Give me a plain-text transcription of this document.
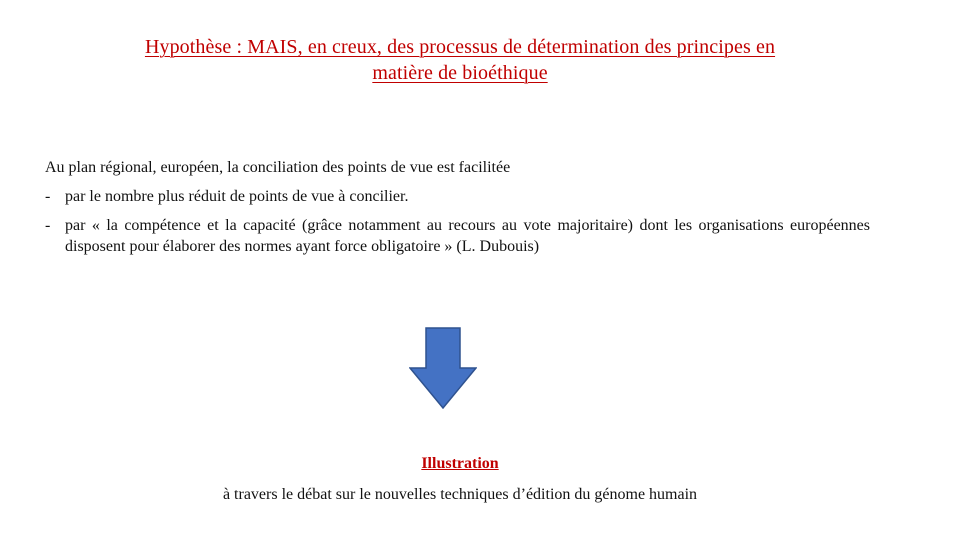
Hypothèse : MAIS, en creux, des processus de détermination des principes en
matière de bioéthique

Au plan régional, européen, la conciliation des points de vue est facilitée

- par le nombre plus réduit de points de vue à concilier.
- par « la compétence et la capacité (grâce notamment au recours au vote majoritaire) dont les organisations européennes disposent pour élaborer des normes ayant force obligatoire » (L. Dubouis)
Illustration
à travers le débat sur le nouvelles techniques d’édition du génome humain
